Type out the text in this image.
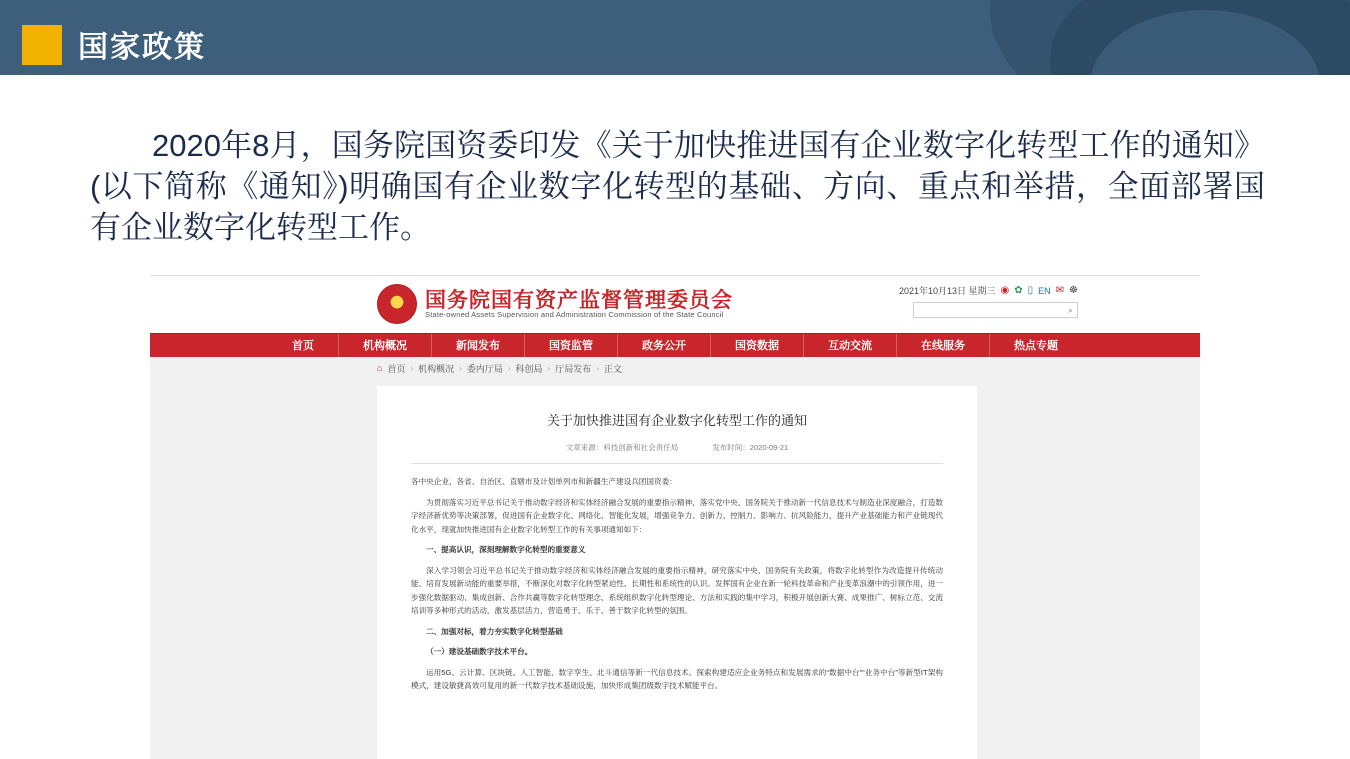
国家政策

2020年8月，国务院国资委印发《关于加快推进国有企业数字化转型工作的通知》(以下简称《通知》)明确国有企业数字化转型的基础、方向、重点和举措，全面部署国有企业数字化转型工作。

★ 国务院国有资产监督管理委员会
State-owned Assets Supervision and Administration Commission of the State Council
2021年10月13日 星期三 ◉ ✿ ▯ EN ✉ ☸
⌕
首页	机构概况	新闻发布	国资监管	政务公开	国资数据	互动交流	在线服务	热点专题
⌂ 首页 › 机构概况 › 委内厅局 › 科创局 › 厅局发布 › 正文
关于加快推进国有企业数字化转型工作的通知
文章来源：科技创新和社会责任局	发布时间：2020-09-21

各中央企业，各省、自治区、直辖市及计划单列市和新疆生产建设兵团国资委：

为贯彻落实习近平总书记关于推动数字经济和实体经济融合发展的重要指示精神，落实党中央、国务院关于推动新一代信息技术与制造业深度融合，打造数字经济新优势等决策部署，促进国有企业数字化、网络化、智能化发展，增强竞争力、创新力、控制力、影响力、抗风险能力，提升产业基础能力和产业链现代化水平，现就加快推进国有企业数字化转型工作的有关事项通知如下：

一、提高认识，深刻理解数字化转型的重要意义

深入学习领会习近平总书记关于推动数字经济和实体经济融合发展的重要指示精神，研究落实中央、国务院有关政策，将数字化转型作为改造提升传统动能、培育发展新动能的重要举措，不断深化对数字化转型紧迫性、长期性和系统性的认识。发挥国有企业在新一轮科技革命和产业变革浪潮中的引领作用，进一步强化数据驱动、集成创新、合作共赢等数字化转型理念、系统组织数字化转型理论、方法和实践的集中学习，积极开展创新大赛、成果推广、树标立范、交流培训等多种形式的活动，激发基层活力，营造勇于、乐于、善于数字化转型的氛围。

二、加强对标，着力夯实数字化转型基础

（一）建设基础数字技术平台。

运用5G、云计算、区块链、人工智能、数字孪生、北斗通信等新一代信息技术。探索构建适应企业务特点和发展需求的“数据中台”“业务中台”等新型IT架构模式，建设敏捷高效可复用的新一代数字技术基础设施，加快形成集团级数字技术赋能平台。
